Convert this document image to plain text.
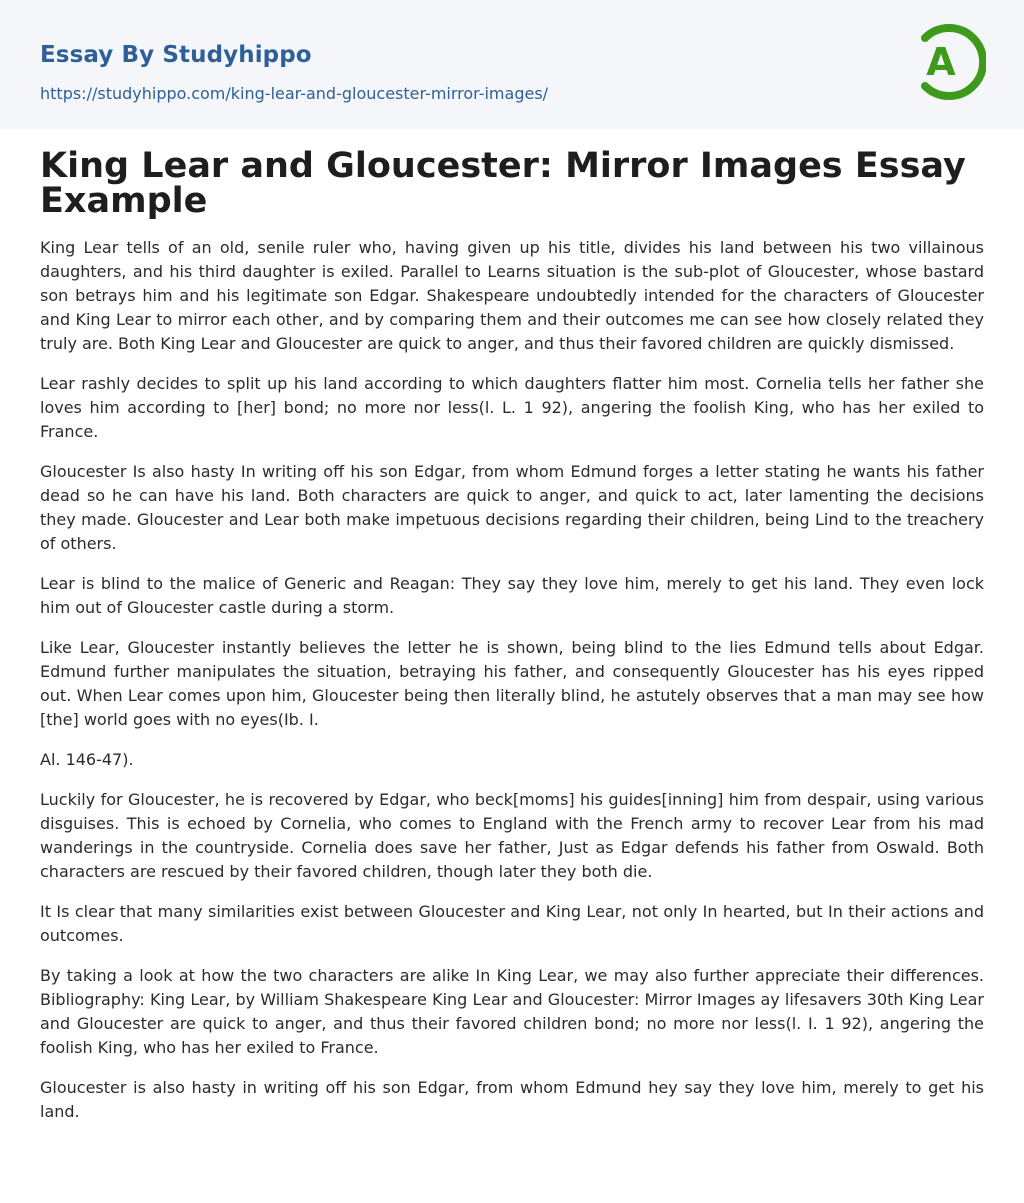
Essay By Studyhippo
https://studyhippo.com/king-lear-and-gloucester-mirror-images/
A
King Lear and Gloucester: Mirror Images Essay Example

King Lear tells of an old, senile ruler who, having given up his title, divides his land between his two villainous daughters, and his third daughter is exiled. Parallel to Learns situation is the sub-plot of Gloucester, whose bastard son betrays him and his legitimate son Edgar. Shakespeare undoubtedly intended for the characters of Gloucester and King Lear to mirror each other, and by comparing them and their outcomes me can see how closely related they truly are. Both King Lear and Gloucester are quick to anger, and thus their favored children are quickly dismissed.

Lear rashly decides to split up his land according to which daughters flatter him most. Cornelia tells her father she loves him according to [her] bond; no more nor less(l. L. 1 92), angering the foolish King, who has her exiled to France.

Gloucester Is also hasty In writing off his son Edgar, from whom Edmund forges a letter stating he wants his father dead so he can have his land. Both characters are quick to anger, and quick to act, later lamenting the decisions they made. Gloucester and Lear both make impetuous decisions regarding their children, being Lind to the treachery of others.

Lear is blind to the malice of Generic and Reagan: They say they love him, merely to get his land. They even lock him out of Gloucester castle during a storm.

Like Lear, Gloucester instantly believes the letter he is shown, being blind to the lies Edmund tells about Edgar. Edmund further manipulates the situation, betraying his father, and consequently Gloucester has his eyes ripped out. When Lear comes upon him, Gloucester being then literally blind, he astutely observes that a man may see how [the] world goes with no eyes(Ib. I.

Al. 146-47).

Luckily for Gloucester, he is recovered by Edgar, who beck[moms] his guides[inning] him from despair, using various disguises. This is echoed by Cornelia, who comes to England with the French army to recover Lear from his mad wanderings in the countryside. Cornelia does save her father, Just as Edgar defends his father from Oswald. Both characters are rescued by their favored children, though later they both die.

It Is clear that many similarities exist between Gloucester and King Lear, not only In hearted, but In their actions and outcomes.

By taking a look at how the two characters are alike In King Lear, we may also further appreciate their differences. Bibliography: King Lear, by William Shakespeare King Lear and Gloucester: Mirror Images ay lifesavers 30th King Lear and Gloucester are quick to anger, and thus their favored children bond; no more nor less(l. I. 1 92), angering the foolish King, who has her exiled to France.

Gloucester is also hasty in writing off his son Edgar, from whom Edmund hey say they love him, merely to get his land.
